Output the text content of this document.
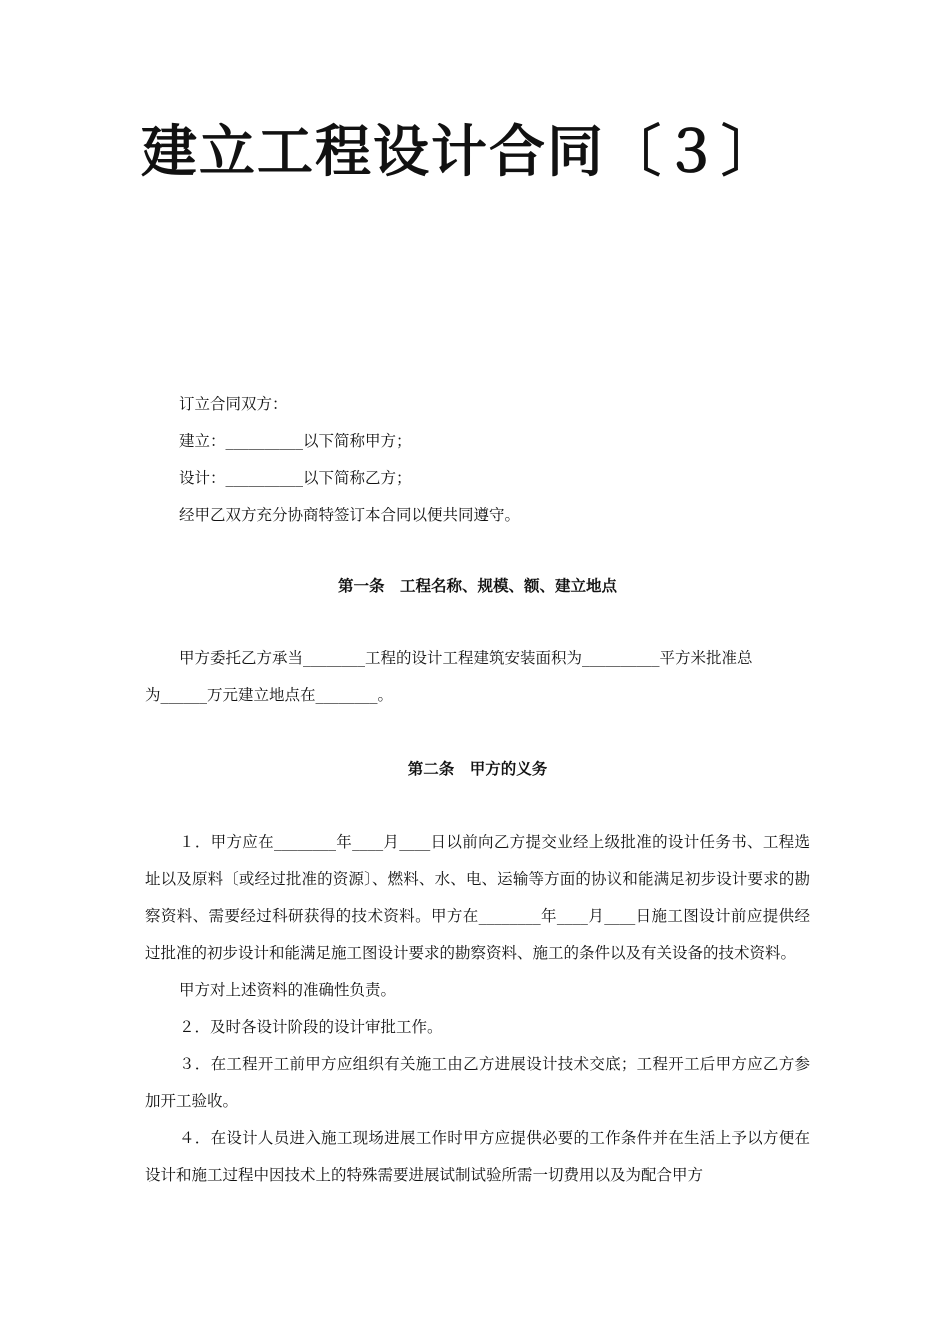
建立工程设计合同〔３〕

订立合同双方：

建立：__________以下简称甲方；

设计：__________以下简称乙方；

经甲乙双方充分协商特签订本合同以便共同遵守。

第一条　工程名称、规模、额、建立地点

甲方委托乙方承当________工程的设计工程建筑安装面积为__________平方米批准总

为______万元建立地点在________。

第二条　甲方的义务

１．甲方应在________年____月____日以前向乙方提交业经上级批准的设计任务书、工程选址以及原料〔或经过批准的资源〕、燃料、水、电、运输等方面的协议和能满足初步设计要求的勘察资料、需要经过科研获得的技术资料。甲方在________年____月____日施工图设计前应提供经过批准的初步设计和能满足施工图设计要求的勘察资料、施工的条件以及有关设备的技术资料。

甲方对上述资料的准确性负责。

２．及时各设计阶段的设计审批工作。

３．在工程开工前甲方应组织有关施工由乙方进展设计技术交底；工程开工后甲方应乙方参加开工验收。

４．在设计人员进入施工现场进展工作时甲方应提供必要的工作条件并在生活上予以方便在设计和施工过程中因技术上的特殊需要进展试制试验所需一切费用以及为配合甲方
